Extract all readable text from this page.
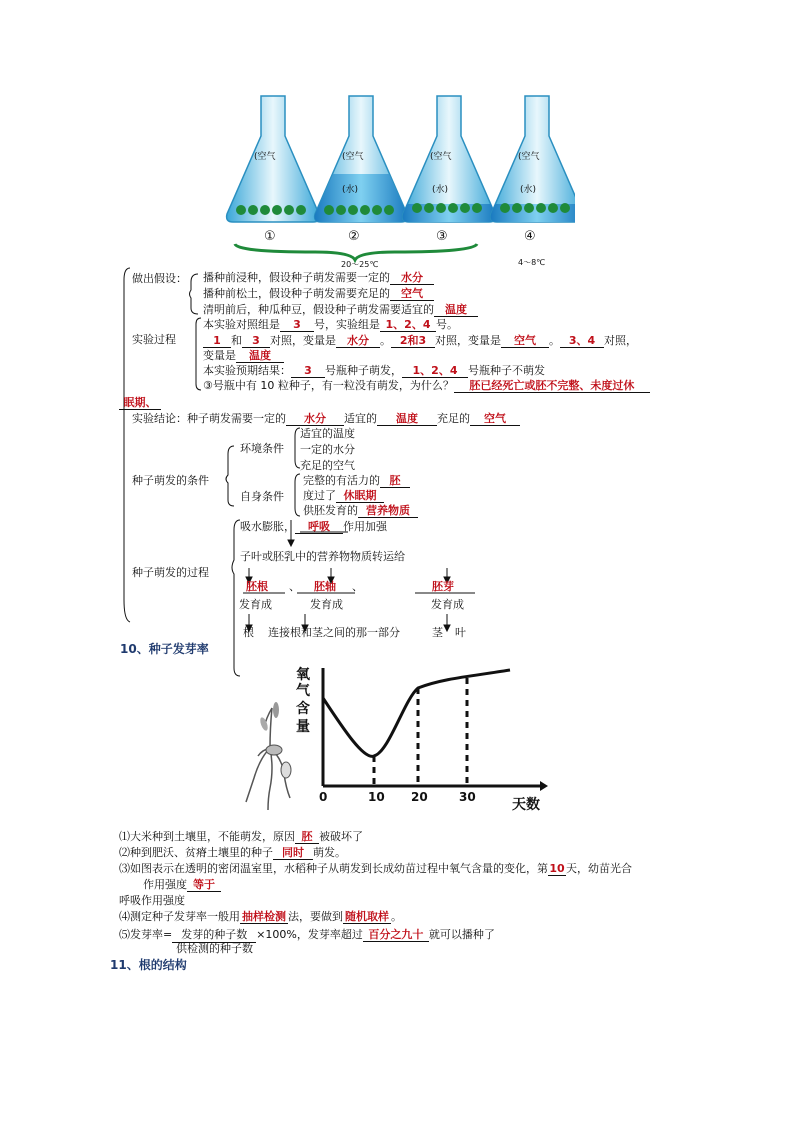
(空气	(空气
(水)
(空气
(水)
(空气
(水)
①	②	③	④
20～25℃	4～8℃
做出假设： 播种前浸种，假设种子萌发需要一定的 水分
播种前松土，假设种子萌发需要充足的 空气
清明前后，种瓜种豆，假设种子萌发需要适宜的 温度
实验过程
本实验对照组是 3 号，实验组是 1、2、4 号。
1 和 3 对照，变量是 水分 。 2和3 对照，变量是 空气 。 3、4 对照，
变量是 温度
本实验预期结果： 3 号瓶种子萌发， 1、2、4 号瓶种子不萌发
③号瓶中有 10 粒种子，有一粒没有萌发，为什么？ 胚已经死亡或胚不完整、未度过休
眠期、
实验结论：种子萌发需要一定的 水分 适宜的 温度 充足的 空气
种子萌发的条件
环境条件
适宜的温度
一定的水分
充足的空气
自身条件
完整的有活力的 胚
度过了 休眠期
供胚发育的 营养物质
种子萌发的过程
吸水膨胀， 呼吸 作用加强
子叶或胚乳中的营养物物质转运给
胚根 、 胚轴 、	胚芽
发育成	发育成	发育成
根 连接根和茎之间的那一部分	茎 叶
10、种子发芽率
氧
气
含
量
0	10 20	30	天数
⑴大米种到土壤里，不能萌发，原因 胚 被破坏了
⑵种到肥沃、贫瘠土壤里的种子 同时 萌发。
⑶如图表示在透明的密闭温室里，水稻种子从萌发到长成幼苗过程中氧气含量的变化，第10天，幼苗光合
作用强度 等于
呼吸作用强度
⑷测定种子发芽率一般用 抽样检测 法，要做到 随机取样 。
⑸发芽率= 发芽的种子数 ×100%，发芽率超过 百分之九十 就可以播种了
供检测的种子数
11、根的结构
